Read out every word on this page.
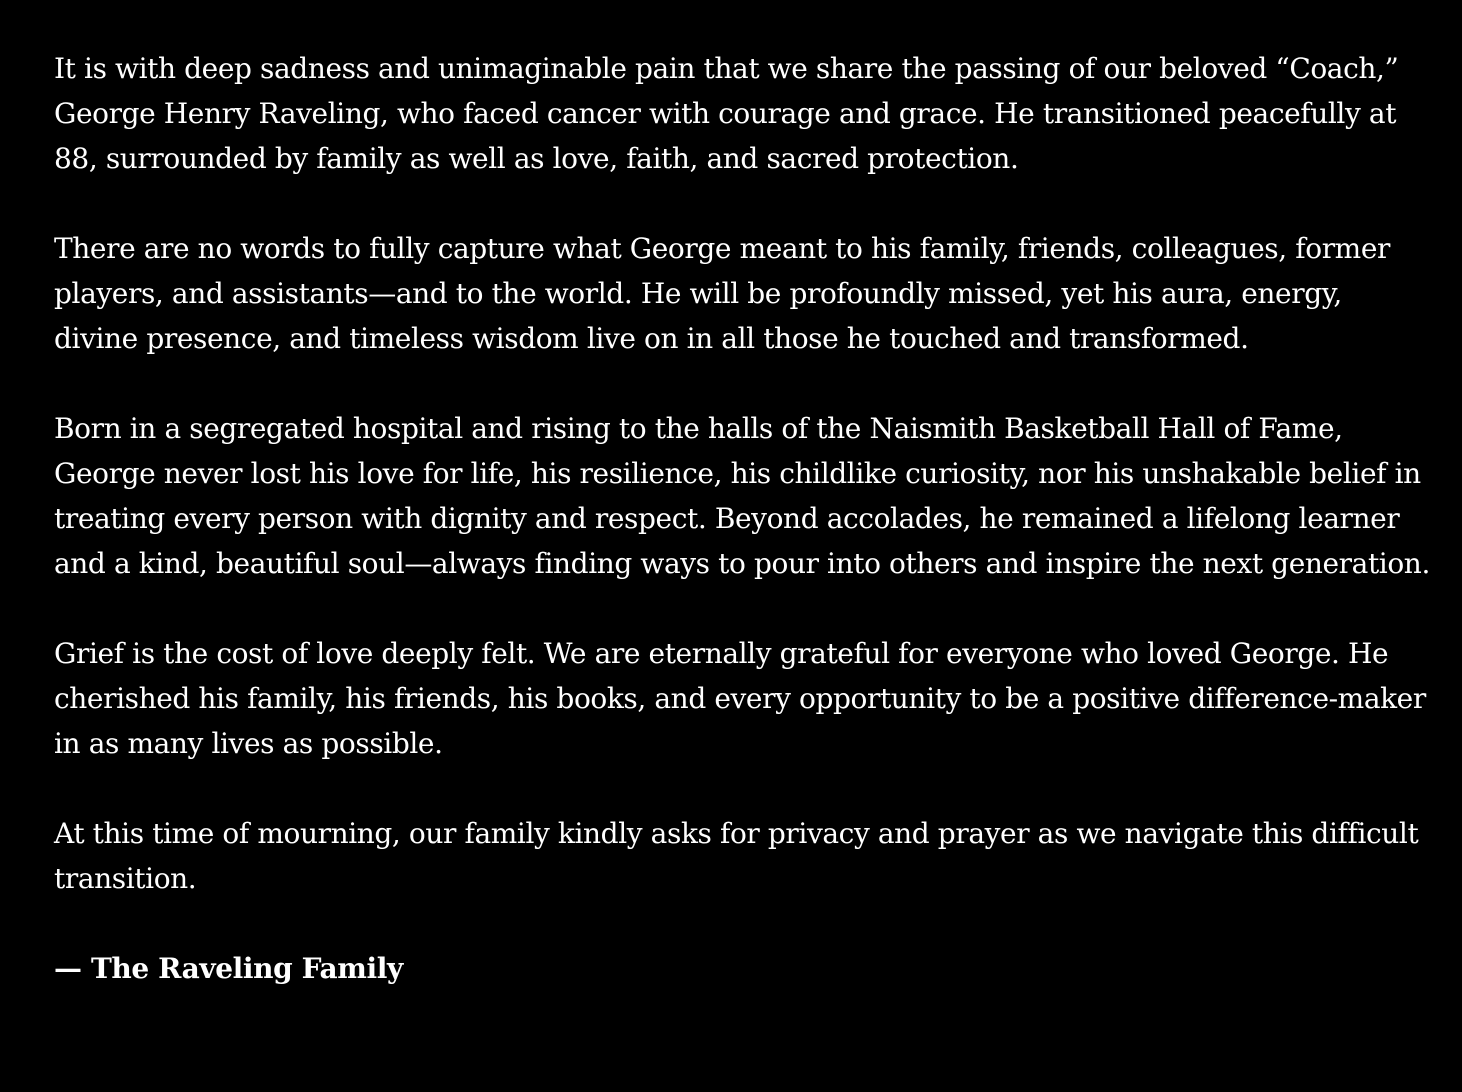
It is with deep sadness and unimaginable pain that we share the passing of our beloved “Coach,” George Henry Raveling, who faced cancer with courage and grace. He transitioned peacefully at 88, surrounded by family as well as love, faith, and sacred protection.

There are no words to fully capture what George meant to his family, friends, colleagues, former players, and assistants—and to the world. He will be profoundly missed, yet his aura, energy, divine presence, and timeless wisdom live on in all those he touched and transformed.

Born in a segregated hospital and rising to the halls of the Naismith Basketball Hall of Fame, George never lost his love for life, his resilience, his childlike curiosity, nor his unshakable belief in treating every person with dignity and respect. Beyond accolades, he remained a lifelong learner and a kind, beautiful soul—always finding ways to pour into others and inspire the next generation.

Grief is the cost of love deeply felt. We are eternally grateful for everyone who loved George. He cherished his family, his friends, his books, and every opportunity to be a positive difference-maker in as many lives as possible.

At this time of mourning, our family kindly asks for privacy and prayer as we navigate this difficult transition.

— The Raveling Family
